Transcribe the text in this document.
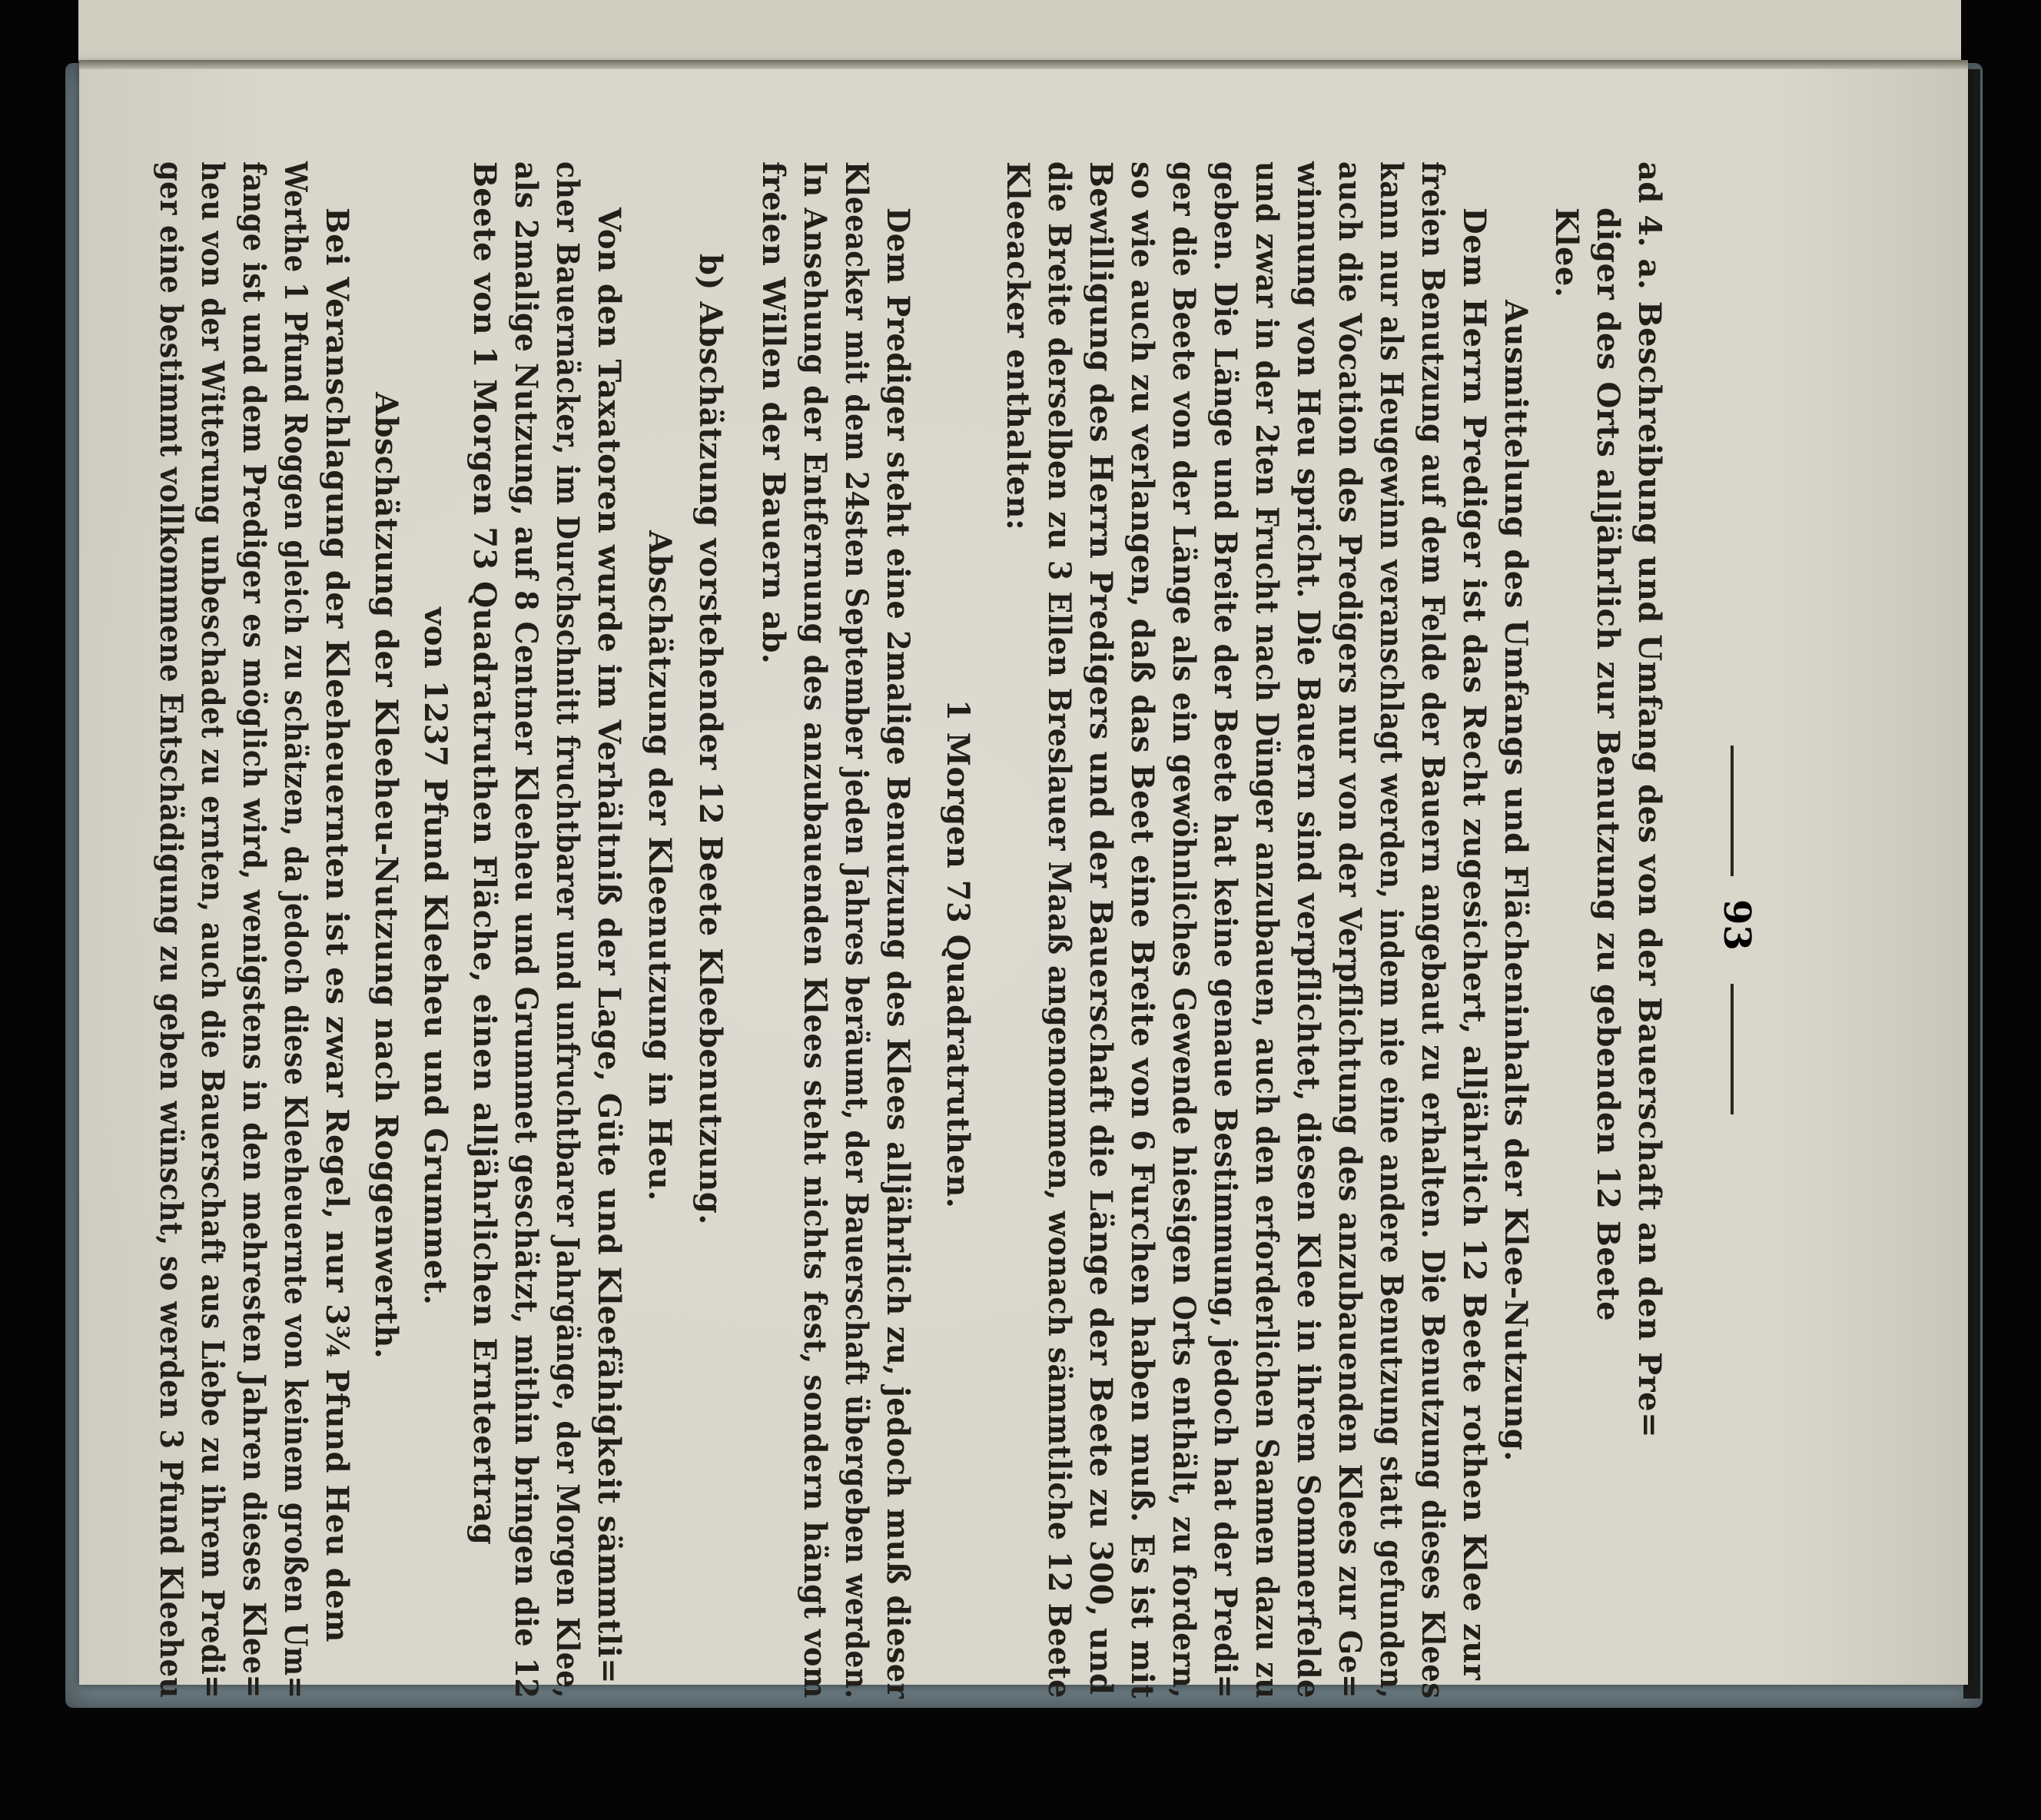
93
ad 4. a. Beschreibung und Umfang des von der Bauerschaft an den Pre=
diger des Orts alljährlich zur Benutzung zu gebenden 12 Beete
Klee.
Ausmittelung des Umfangs und Flächeninhalts der Klee-Nutzung.
Dem Herrn Prediger ist das Recht zugesichert, alljährlich 12 Beete rothen Klee zur
freien Benutzung auf dem Felde der Bauern angebaut zu erhalten. Die Benutzung dieses Klees
kann nur als Heugewinn veranschlagt werden, indem nie eine andere Benutzung statt gefunden,
auch die Vocation des Predigers nur von der Verpflichtung des anzubauenden Klees zur Ge=
winnung von Heu spricht. Die Bauern sind verpflichtet, diesen Klee in ihrem Sommerfelde
und zwar in der 2ten Frucht nach Dünger anzubauen, auch den erforderlichen Saamen dazu zu
geben. Die Länge und Breite der Beete hat keine genaue Bestimmung, jedoch hat der Predi=
ger die Beete von der Länge als ein gewöhnliches Gewende hiesigen Orts enthält, zu fordern,
so wie auch zu verlangen, daß das Beet eine Breite von 6 Furchen haben muß. Es ist mit
Bewilligung des Herrn Predigers und der Bauerschaft die Länge der Beete zu 300, und
die Breite derselben zu 3 Ellen Breslauer Maaß angenommen, wonach sämmtliche 12 Beete
Kleeacker enthalten:
1 Morgen 73 Quadratruthen.
Dem Prediger steht eine 2malige Benutzung des Klees alljährlich zu, jedoch muß dieser
Kleeacker mit dem 24sten September jeden Jahres beräumt, der Bauerschaft übergeben werden.
In Ansehung der Entfernung des anzubauenden Klees steht nichts fest, sondern hängt vom
freien Willen der Bauern ab.
b) Abschätzung vorstehender 12 Beete Kleebenutzung.
Abschätzung der Kleenutzung in Heu.
Von den Taxatoren wurde im Verhältniß der Lage, Güte und Kleefähigkeit sämmtli=
cher Bauernäcker, im Durchschnitt fruchtbarer und unfruchtbarer Jahrgänge, der Morgen Klee,
als 2malige Nutzung, auf 8 Centner Kleeheu und Grummet geschätzt, mithin bringen die 12
Beete von 1 Morgen 73 Quadratruthen Fläche, einen alljährlichen Ernteertrag
von 1237 Pfund Kleeheu und Grummet.
Abschätzung der Kleeheu-Nutzung nach Roggenwerth.
Bei Veranschlagung der Kleeheuernten ist es zwar Regel, nur 3¾ Pfund Heu dem
Werthe 1 Pfund Roggen gleich zu schätzen, da jedoch diese Kleeheuernte von keinem großen Um=
fange ist und dem Prediger es möglich wird, wenigstens in den mehresten Jahren dieses Klee=
heu von der Witterung unbeschadet zu ernten, auch die Bauerschaft aus Liebe zu ihrem Predi=
ger eine bestimmt vollkommene Entschädigung zu geben wünscht, so werden 3 Pfund Kleeheu
